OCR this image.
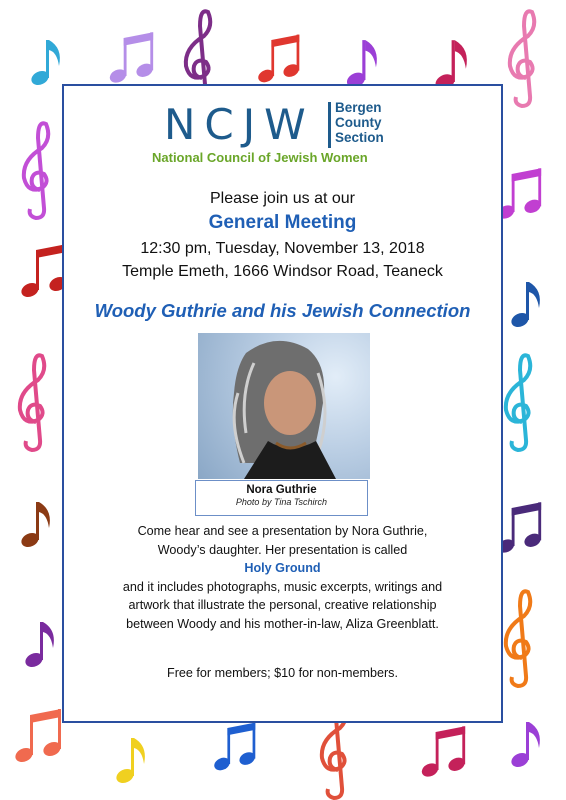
NCJW Bergen
County
Section
National Council of Jewish Women
Please join us at our
General Meeting
12:30 pm, Tuesday, November 13, 2018
Temple Emeth, 1666 Windsor Road, Teaneck
Woody Guthrie and his Jewish Connection
Nora Guthrie
Photo by Tina Tschirch
Come hear and see a presentation by Nora Guthrie,
Woody’s daughter. Her presentation is called
Holy Ground
and it includes photographs, music excerpts, writings and
artwork that illustrate the personal, creative relationship
between Woody and his mother-in-law, Aliza Greenblatt.
Free for members; $10 for non-members.
